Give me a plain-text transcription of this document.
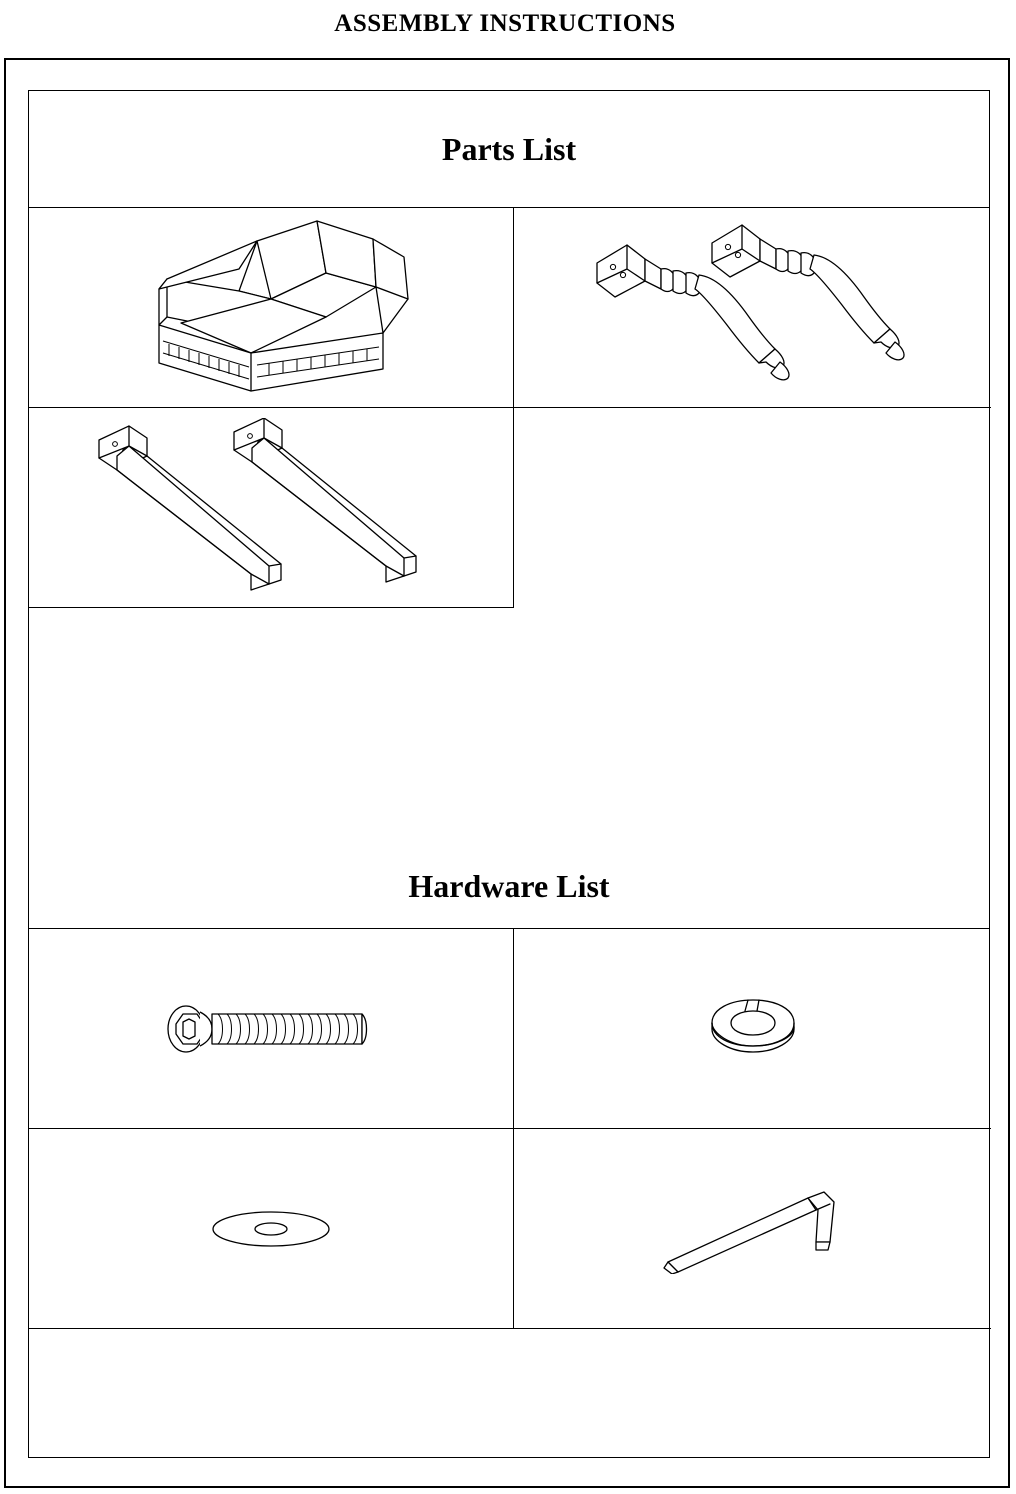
ASSEMBLY INSTRUCTIONS
Parts List
Hardware List
